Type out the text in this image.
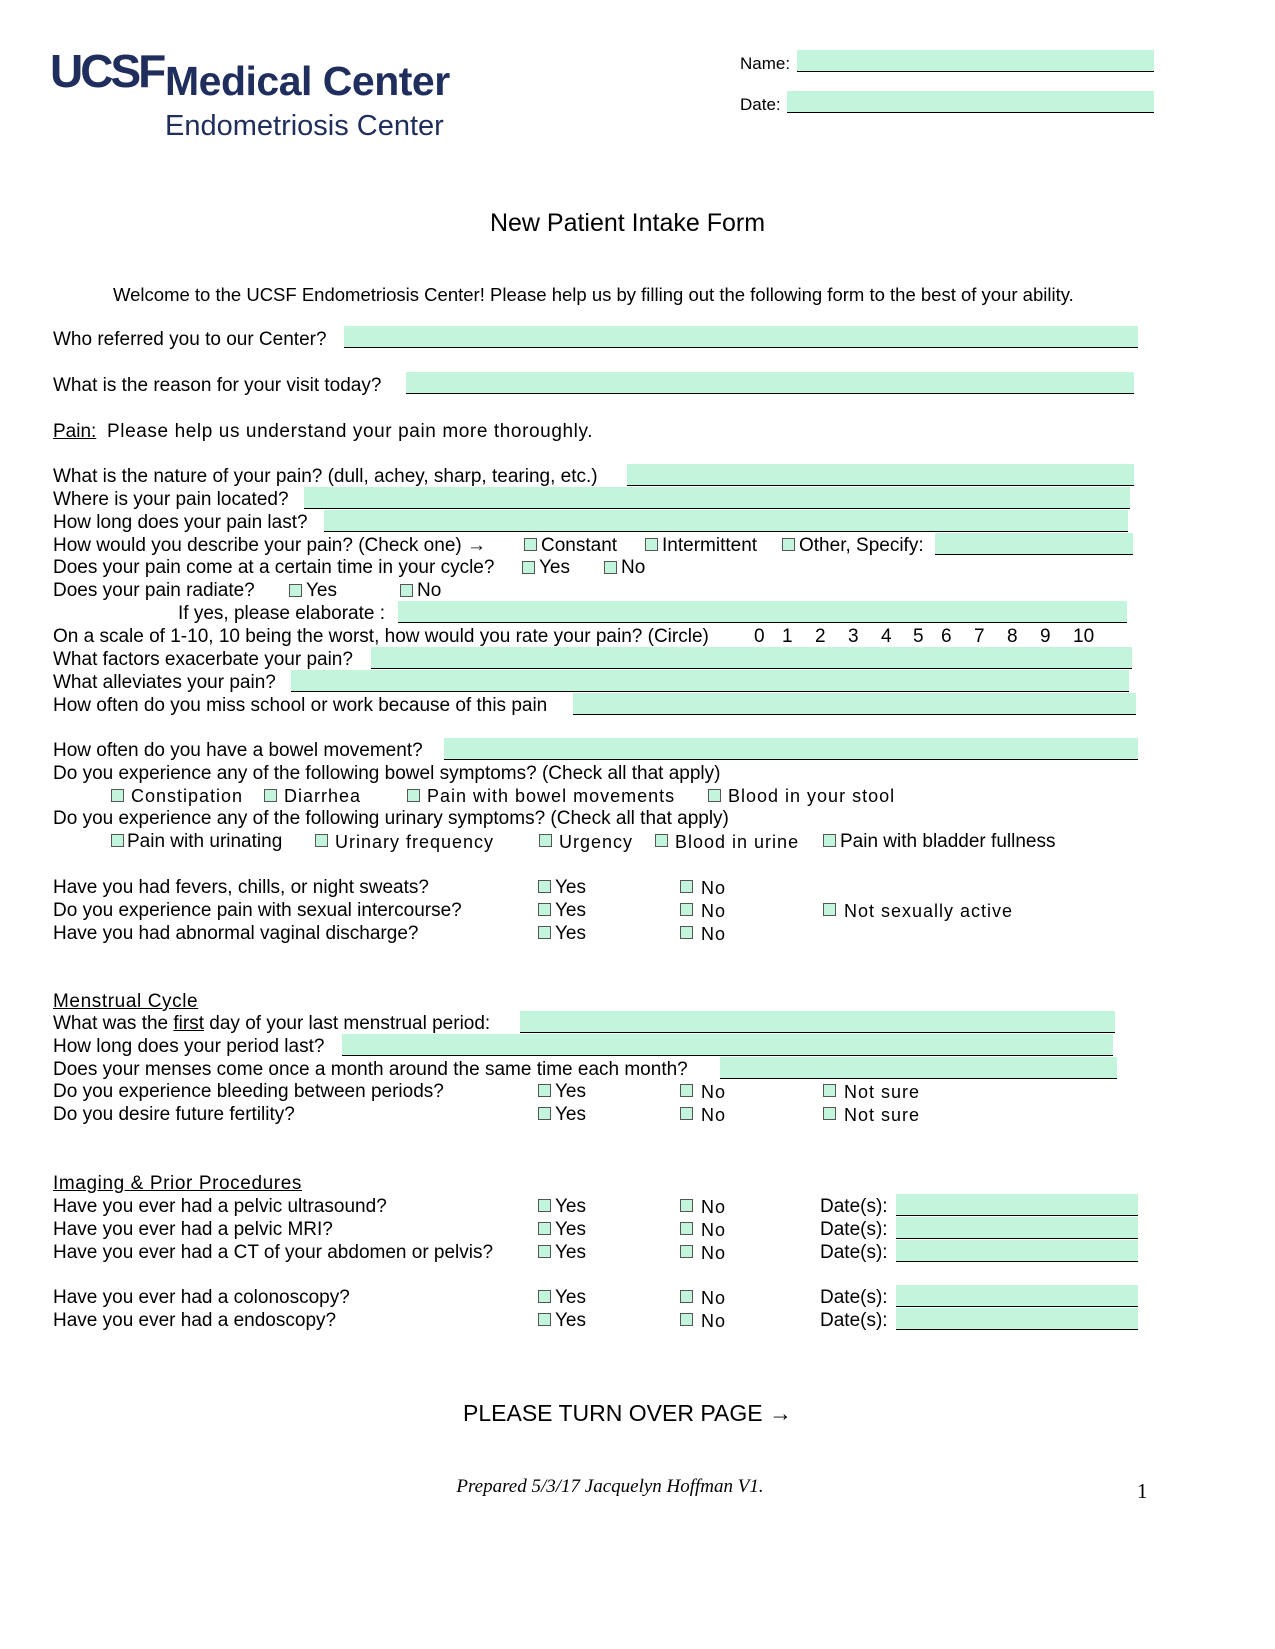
UCSF Medical Center
Endometriosis Center
Name:
Date:
New Patient Intake Form
Welcome to the UCSF Endometriosis Center! Please help us by filling out the following form to the best of your ability.
Who referred you to our Center?
What is the reason for your visit today?
Pain: Please help us understand your pain more thoroughly.
What is the nature of your pain? (dull, achey, sharp, tearing, etc.)
Where is your pain located?
How long does your pain last?
How would you describe your pain? (Check one) →	Constant Intermittent Other, Specify:
Does your pain come at a certain time in your cycle? Yes	No
Does your pain radiate?	Yes	No
If yes, please elaborate :
On a scale of 1-10, 10 being the worst, how would you rate your pain? (Circle) 0 1 2 3 4 5 6 7 8 9 10
What factors exacerbate your pain?
What alleviates your pain?
How often do you miss school or work because of this pain
How often do you have a bowel movement?
Do you experience any of the following bowel symptoms? (Check all that apply)
Constipation Diarrhea	Pain with bowel movements	Blood in your stool
Do you experience any of the following urinary symptoms? (Check all that apply)
Pain with urinating	Urinary frequency	Urgency Blood in urine Pain with bladder fullness
Have you had fevers, chills, or night sweats?	Yes	No
Do you experience pain with sexual intercourse?	Yes	No	Not sexually active
Have you had abnormal vaginal discharge?	Yes	No
Menstrual Cycle
What was the first day of your last menstrual period:
How long does your period last?
Does your menses come once a month around the same time each month?
Do you experience bleeding between periods?	Yes	No	Not sure
Do you desire future fertility?	Yes	No	Not sure
Imaging & Prior Procedures
Have you ever had a pelvic ultrasound?	Yes	No	Date(s):
Have you ever had a pelvic MRI?	Yes	No	Date(s):
Have you ever had a CT of your abdomen or pelvis?	Yes	No	Date(s):
Have you ever had a colonoscopy?	Yes	No	Date(s):
Have you ever had a endoscopy?	Yes	No	Date(s):
PLEASE TURN OVER PAGE →
Prepared 5/3/17 Jacquelyn Hoffman V1.	1
